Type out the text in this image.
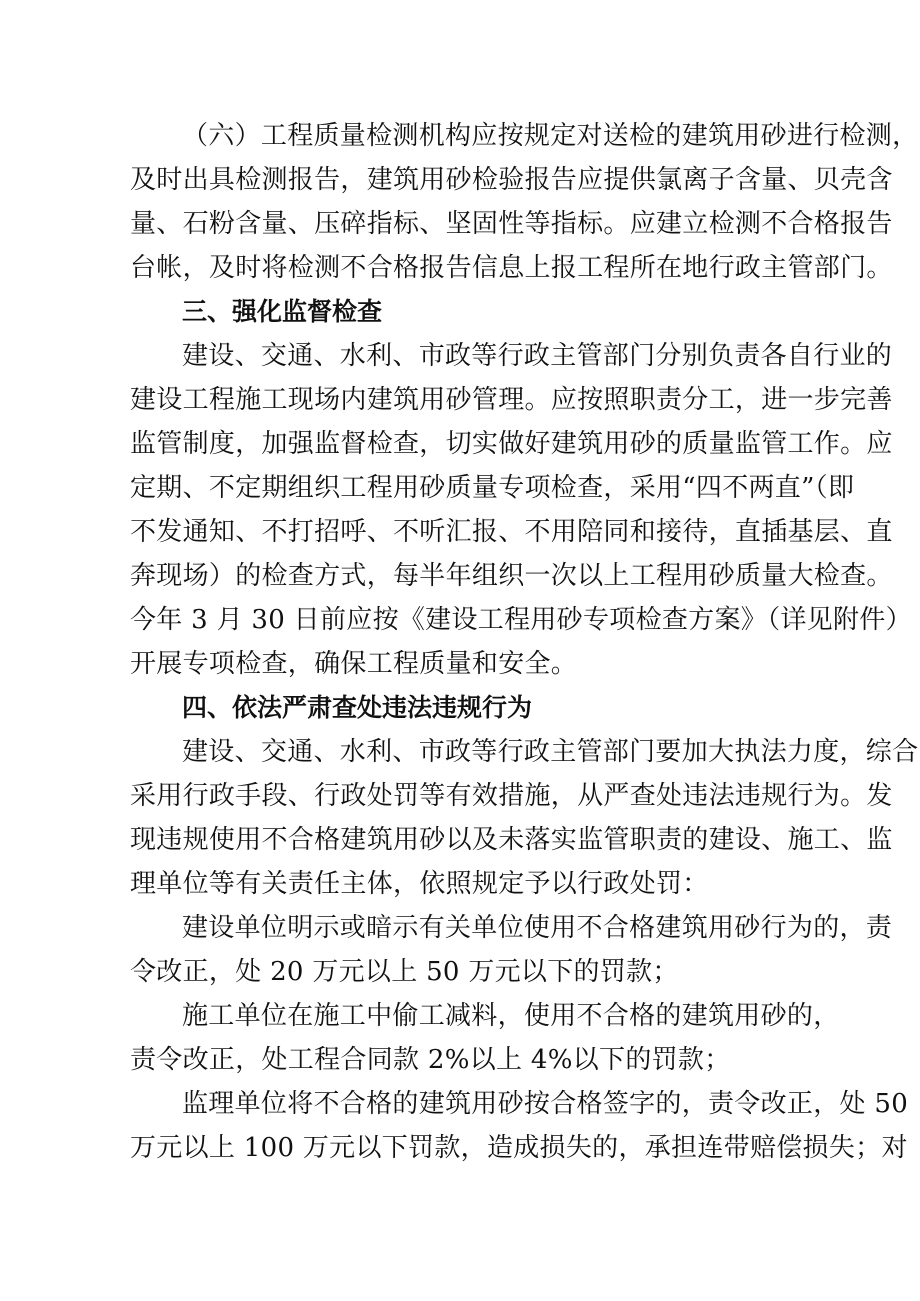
（六）工程质量检测机构应按规定对送检的建筑用砂进行检测，
及时出具检测报告，建筑用砂检验报告应提供氯离子含量、贝壳含
量、石粉含量、压碎指标、坚固性等指标。应建立检测不合格报告
台帐，及时将检测不合格报告信息上报工程所在地行政主管部门。
三、强化监督检查
建设、交通、水利、市政等行政主管部门分别负责各自行业的
建设工程施工现场内建筑用砂管理。应按照职责分工，进一步完善
监管制度，加强监督检查，切实做好建筑用砂的质量监管工作。应
定期、不定期组织工程用砂质量专项检查，采用“四不两直”（即
不发通知、不打招呼、不听汇报、不用陪同和接待，直插基层、直
奔现场）的检查方式，每半年组织一次以上工程用砂质量大检查。
今年 3 月 30 日前应按《建设工程用砂专项检查方案》（详见附件）
开展专项检查，确保工程质量和安全。
四、依法严肃查处违法违规行为
建设、交通、水利、市政等行政主管部门要加大执法力度，综合
采用行政手段、行政处罚等有效措施，从严查处违法违规行为。发
现违规使用不合格建筑用砂以及未落实监管职责的建设、施工、监
理单位等有关责任主体，依照规定予以行政处罚：
建设单位明示或暗示有关单位使用不合格建筑用砂行为的，责
令改正，处 20 万元以上 50 万元以下的罚款；
施工单位在施工中偷工减料，使用不合格的建筑用砂的，
责令改正，处工程合同款 2%以上 4%以下的罚款；
监理单位将不合格的建筑用砂按合格签字的，责令改正，处 50
万元以上 100 万元以下罚款，造成损失的，承担连带赔偿损失；对
